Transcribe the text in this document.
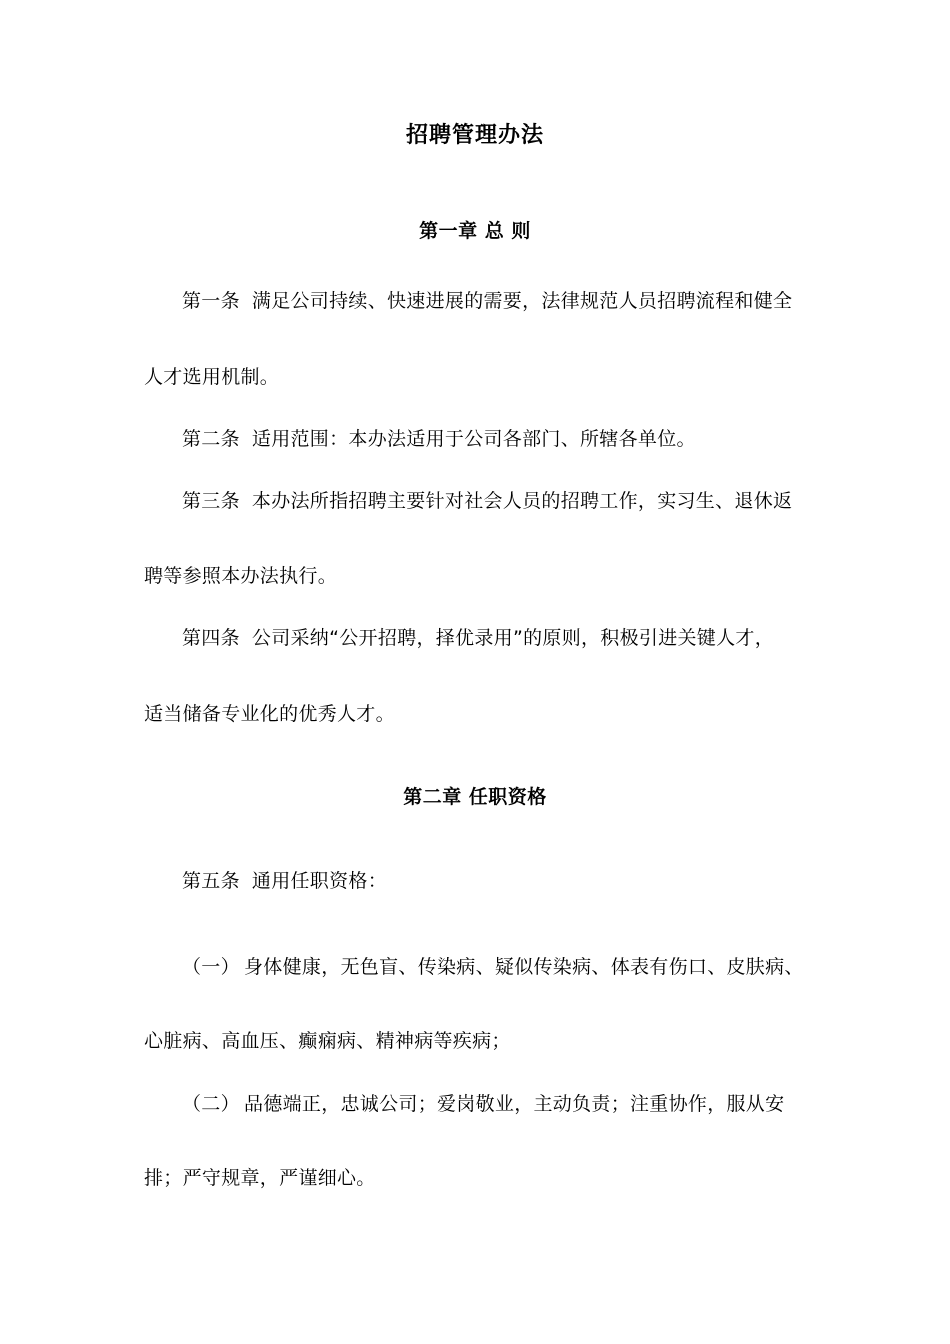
招聘管理办法
第一章 总 则
第一条 满足公司持续、快速进展的需要，法律规范人员招聘流程和健全
人才选用机制。
第二条 适用范围：本办法适用于公司各部门、所辖各单位。
第三条 本办法所指招聘主要针对社会人员的招聘工作，实习生、退休返
聘等参照本办法执行。
第四条 公司采纳“公开招聘，择优录用”的原则，积极引进关键人才，
适当储备专业化的优秀人才。
第二章 任职资格
第五条 通用任职资格：
（一） 身体健康，无色盲、传染病、疑似传染病、体表有伤口、皮肤病、
心脏病、高血压、癫痫病、精神病等疾病；
（二） 品德端正，忠诚公司；爱岗敬业，主动负责；注重协作，服从安
排；严守规章，严谨细心。
